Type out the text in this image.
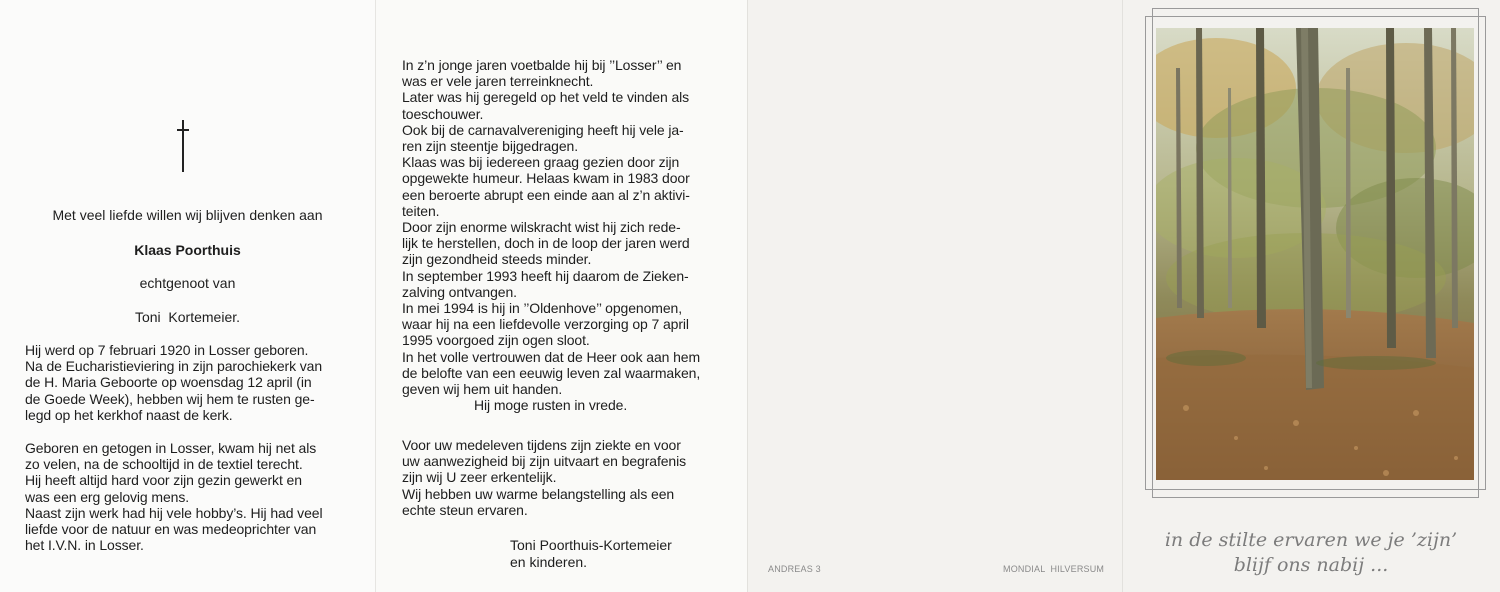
Met veel liefde willen wij blijven denken aan
Klaas Poorthuis
echtgenoot van
Toni  Kortemeier.
Hij werd op 7 februari 1920 in Losser geboren.
Na de Eucharistieviering in zijn parochiekerk van
de H. Maria Geboorte op woensdag 12 april (in
de Goede Week), hebben wij hem te rusten ge-
legd op het kerkhof naast de kerk.
Geboren en getogen in Losser, kwam hij net als
zo velen, na de schooltijd in de textiel terecht.
Hij heeft altijd hard voor zijn gezin gewerkt en
was een erg gelovig mens.
Naast zijn werk had hij vele hobby’s. Hij had veel
liefde voor de natuur en was medeoprichter van
het I.V.N. in Losser.
In z’n jonge jaren voetbalde hij bij ’’Losser’’ en
was er vele jaren terreinknecht.
Later was hij geregeld op het veld te vinden als
toeschouwer.
Ook bij de carnavalvereniging heeft hij vele ja-
ren zijn steentje bijgedragen.
Klaas was bij iedereen graag gezien door zijn
opgewekte humeur. Helaas kwam in 1983 door
een beroerte abrupt een einde aan al z’n aktivi-
teiten.
Door zijn enorme wilskracht wist hij zich rede-
lijk te herstellen, doch in de loop der jaren werd
zijn gezondheid steeds minder.
In september 1993 heeft hij daarom de Zieken-
zalving ontvangen.
In mei 1994 is hij in ’’Oldenhove’’ opgenomen,
waar hij na een liefdevolle verzorging op 7 april
1995 voorgoed zijn ogen sloot.
In het volle vertrouwen dat de Heer ook aan hem
de belofte van een eeuwig leven zal waarmaken,
geven wij hem uit handen.
Hij moge rusten in vrede.
Voor uw medeleven tijdens zijn ziekte en voor
uw aanwezigheid bij zijn uitvaart en begrafenis
zijn wij U zeer erkentelijk.
Wij hebben uw warme belangstelling als een
echte steun ervaren.
Toni Poorthuis-Kortemeier
en kinderen.	ANDREAS 3	MONDIAL  HILVERSUM
in de stilte ervaren we je ’zijn’
blijf ons nabij ...
